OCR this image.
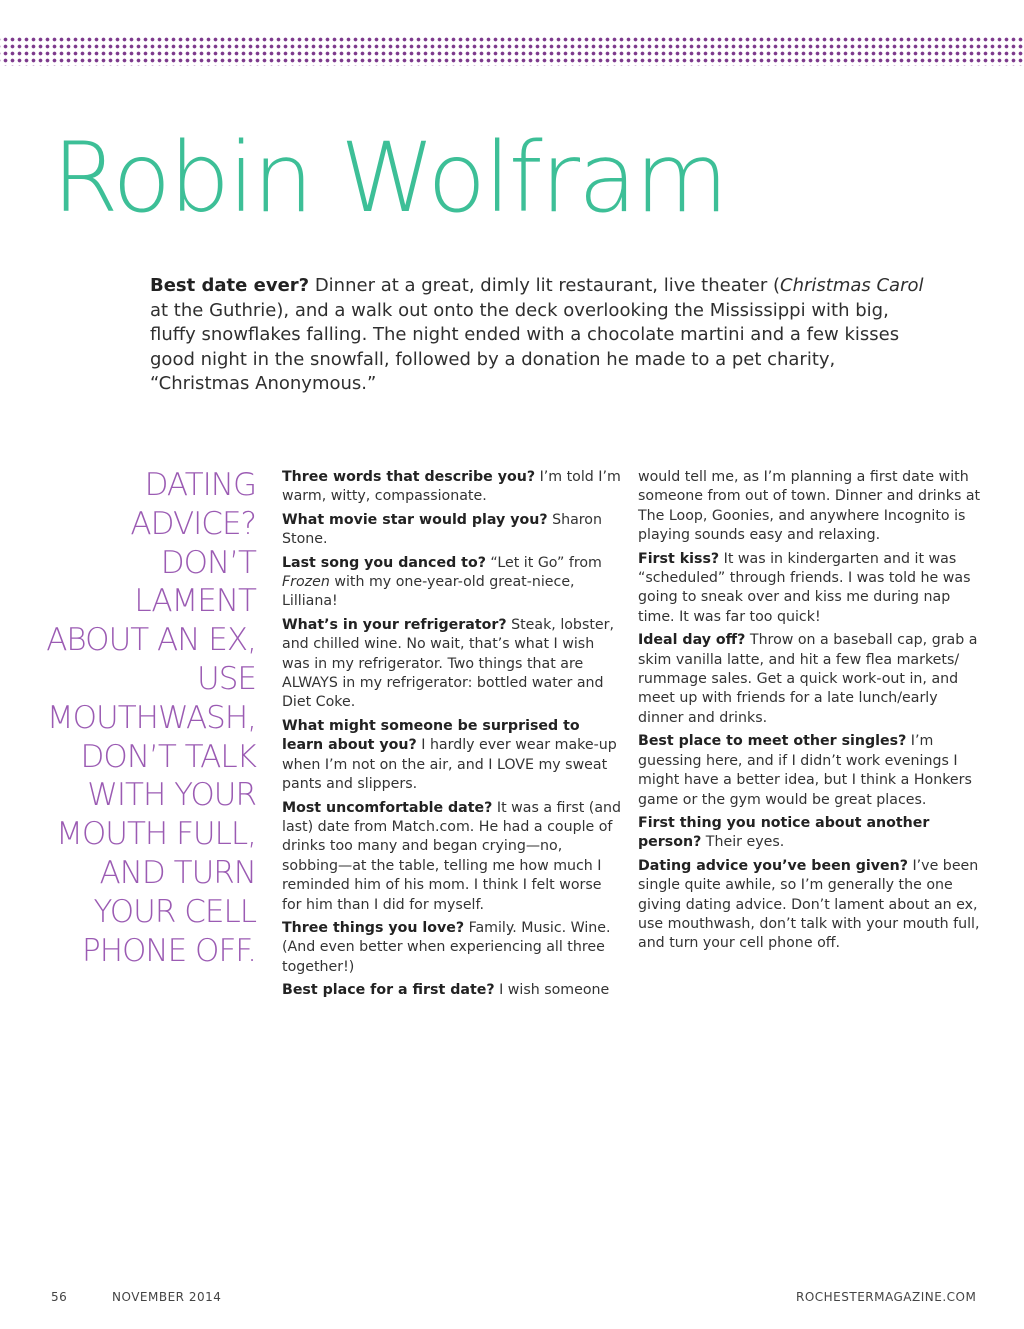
Robin Wolfram

Best date ever? Dinner at a great, dimly lit restaurant, live theater (Christmas Carol at the Guthrie), and a walk out onto the deck overlooking the Mississippi with big, fluffy snowflakes falling. The night ended with a chocolate martini and a few kisses good night in the snowfall, followed by a donation he made to a pet charity, “Christmas Anonymous.”

DATING ADVICE? DON’T LAMENT ABOUT AN EX, USE MOUTHWASH, DON’T TALK WITH YOUR MOUTH FULL, AND TURN YOUR CELL PHONE OFF.

Three words that describe you? I’m told I’m warm, witty, compassionate.

What movie star would play you? Sharon Stone.

Last song you danced to? “Let it Go” from Frozen with my one-year-old great-niece, Lilliana!

What’s in your refrigerator? Steak, lobster, and chilled wine. No wait, that’s what I wish was in my refrigerator. Two things that are ALWAYS in my refrigerator: bottled water and Diet Coke.

What might someone be surprised to learn about you? I hardly ever wear make-up when I’m not on the air, and I LOVE my sweat pants and slippers.

Most uncomfortable date? It was a first (and last) date from Match.com. He had a couple of drinks too many and began crying—no, sobbing—at the table, telling me how much I reminded him of his mom. I think I felt worse for him than I did for myself.

Three things you love? Family. Music. Wine. (And even better when experiencing all three together!)

Best place for a first date? I wish someone

would tell me, as I’m planning a first date with someone from out of town. Dinner and drinks at The Loop, Goonies, and anywhere Incognito is playing sounds easy and relaxing.

First kiss? It was in kindergarten and it was “scheduled” through friends. I was told he was going to sneak over and kiss me during nap time. It was far too quick!

Ideal day off? Throw on a baseball cap, grab a skim vanilla latte, and hit a few flea markets/ rummage sales. Get a quick work-out in, and meet up with friends for a late lunch/early dinner and drinks.

Best place to meet other singles? I’m guessing here, and if I didn’t work evenings I might have a better idea, but I think a Honkers game or the gym would be great places.

First thing you notice about another person? Their eyes.

Dating advice you’ve been given? I’ve been single quite awhile, so I’m generally the one giving dating advice. Don’t lament about an ex, use mouthwash, don’t talk with your mouth full, and turn your cell phone off.

56	NOVEMBER 2014	ROCHESTERMAGAZINE.COM
